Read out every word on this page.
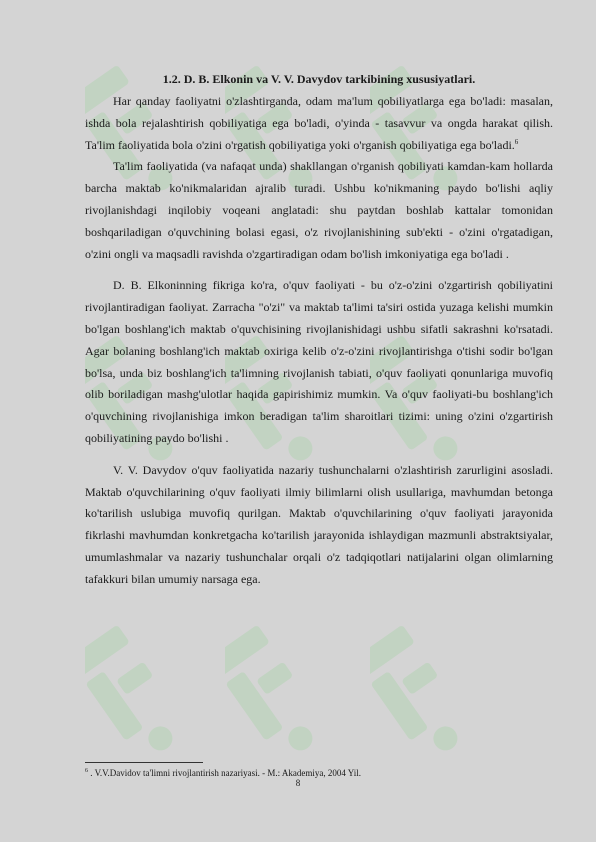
1.2. D. B. Elkonin va V. V. Davydov tarkibining xususiyatlari.

Har qanday faoliyatni o'zlashtirganda, odam ma'lum qobiliyatlarga ega bo'ladi: masalan, ishda bola rejalashtirish qobiliyatiga ega bo'ladi, o'yinda - tasavvur va ongda harakat qilish. Ta'lim faoliyatida bola o'zini o'rgatish qobiliyatiga yoki o'rganish qobiliyatiga ega bo'ladi.$^6$

Ta'lim faoliyatida (va nafaqat unda) shakllangan o'rganish qobiliyati kamdan-kam hollarda barcha maktab ko'nikmalaridan ajralib turadi. Ushbu ko'nikmaning paydo bo'lishi aqliy rivojlanishdagi inqilobiy voqeani anglatadi: shu paytdan boshlab kattalar tomonidan boshqariladigan o'quvchining bolasi egasi, o'z rivojlanishining sub'ekti - o'zini o'rgatadigan, o'zini ongli va maqsadli ravishda o'zgartiradigan odam bo'lish imkoniyatiga ega bo'ladi .

D. B. Elkoninning fikriga ko'ra, o'quv faoliyati - bu o'z-o'zini o'zgartirish qobiliyatini rivojlantiradigan faoliyat. Zarracha "o'zi" va maktab ta'limi ta'siri ostida yuzaga kelishi mumkin bo'lgan boshlang'ich maktab o'quvchisining rivojlanishidagi ushbu sifatli sakrashni ko'rsatadi. Agar bolaning boshlang'ich maktab oxiriga kelib o'z-o'zini rivojlantirishga o'tishi sodir bo'lgan bo'lsa, unda biz boshlang'ich ta'limning rivojlanish tabiati, o'quv faoliyati qonunlariga muvofiq olib boriladigan mashg'ulotlar haqida gapirishimiz mumkin. Va o'quv faoliyati-bu boshlang'ich o'quvchining rivojlanishiga imkon beradigan ta'lim sharoitlari tizimi: uning o'zini o'zgartirish qobiliyatining paydo bo'lishi .

V. V. Davydov o'quv faoliyatida nazariy tushunchalarni o'zlashtirish zarurligini asosladi. Maktab o'quvchilarining o'quv faoliyati ilmiy bilimlarni olish usullariga, mavhumdan betonga ko'tarilish uslubiga muvofiq qurilgan. Maktab o'quvchilarining o'quv faoliyati jarayonida fikrlashi mavhumdan konkretgacha ko'tarilish jarayonida ishlaydigan mazmunli abstraktsiyalar, umumlashmalar va nazariy tushunchalar orqali o'z tadqiqotlari natijalarini olgan olimlarning tafakkuri bilan umumiy narsaga ega.

$^6$ . V.V.Davidov ta'limni rivojlantirish nazariyasi. - M.: Akademiya, 2004 Yil.
8
